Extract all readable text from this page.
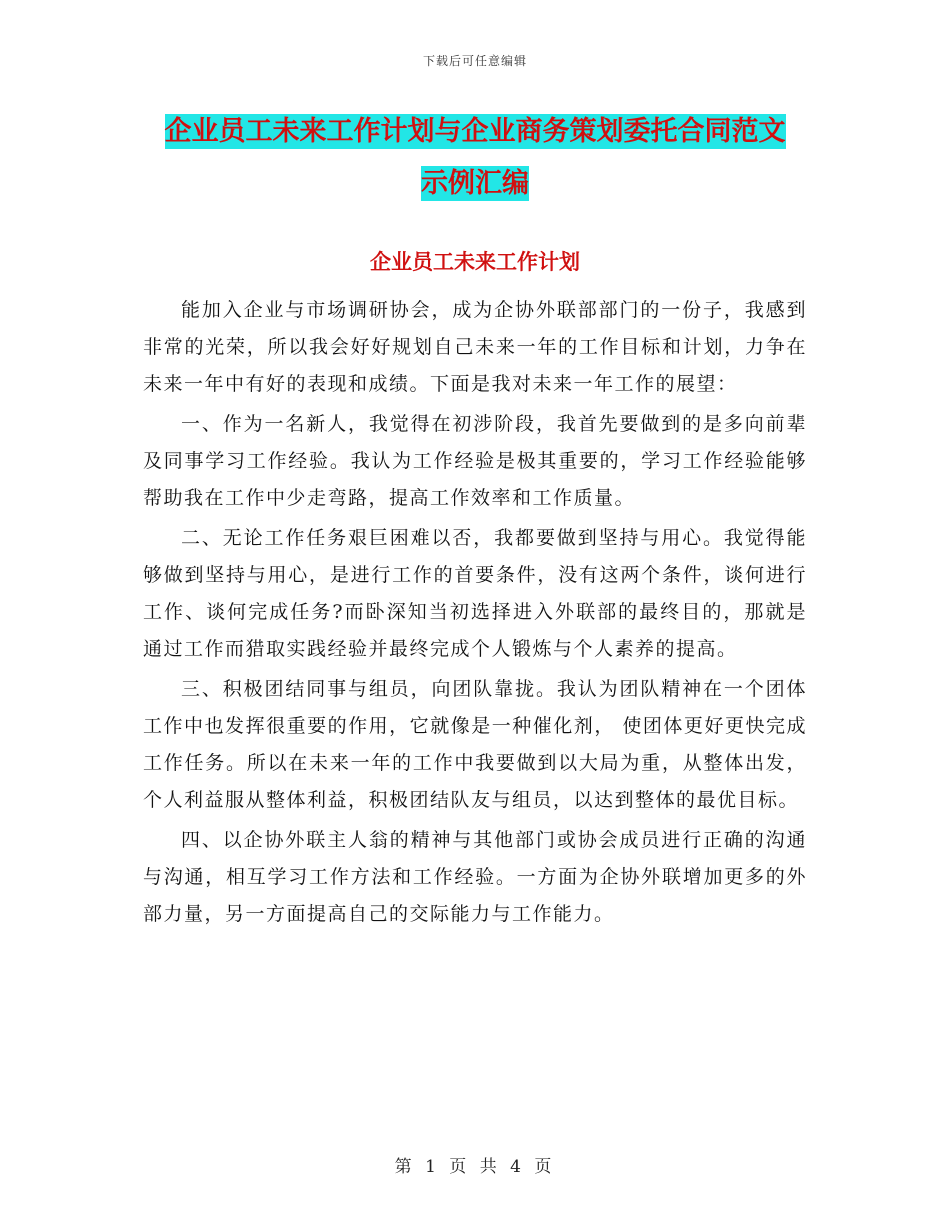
下载后可任意编辑
企业员工未来工作计划与企业商务策划委托合同范文
示例汇编
企业员工未来工作计划

能加入企业与市场调研协会，成为企协外联部部门的一份子，我感到非常的光荣，所以我会好好规划自己未来一年的工作目标和计划，力争在未来一年中有好的表现和成绩。下面是我对未来一年工作的展望：

一、作为一名新人，我觉得在初涉阶段，我首先要做到的是多向前辈及同事学习工作经验。我认为工作经验是极其重要的，学习工作经验能够帮助我在工作中少走弯路，提高工作效率和工作质量。

二、无论工作任务艰巨困难以否，我都要做到坚持与用心。我觉得能够做到坚持与用心，是进行工作的首要条件，没有这两个条件，谈何进行工作、谈何完成任务?而卧深知当初选择进入外联部的最终目的，那就是通过工作而猎取实践经验并最终完成个人锻炼与个人素养的提高。

三、积极团结同事与组员，向团队靠拢。我认为团队精神在一个团体工作中也发挥很重要的作用，它就像是一种催化剂， 使团体更好更快完成工作任务。所以在未来一年的工作中我要做到以大局为重，从整体出发，个人利益服从整体利益，积极团结队友与组员，以达到整体的最优目标。

四、以企协外联主人翁的精神与其他部门或协会成员进行正确的沟通与沟通，相互学习工作方法和工作经验。一方面为企协外联增加更多的外部力量，另一方面提高自己的交际能力与工作能力。

第 1 页 共 4 页
